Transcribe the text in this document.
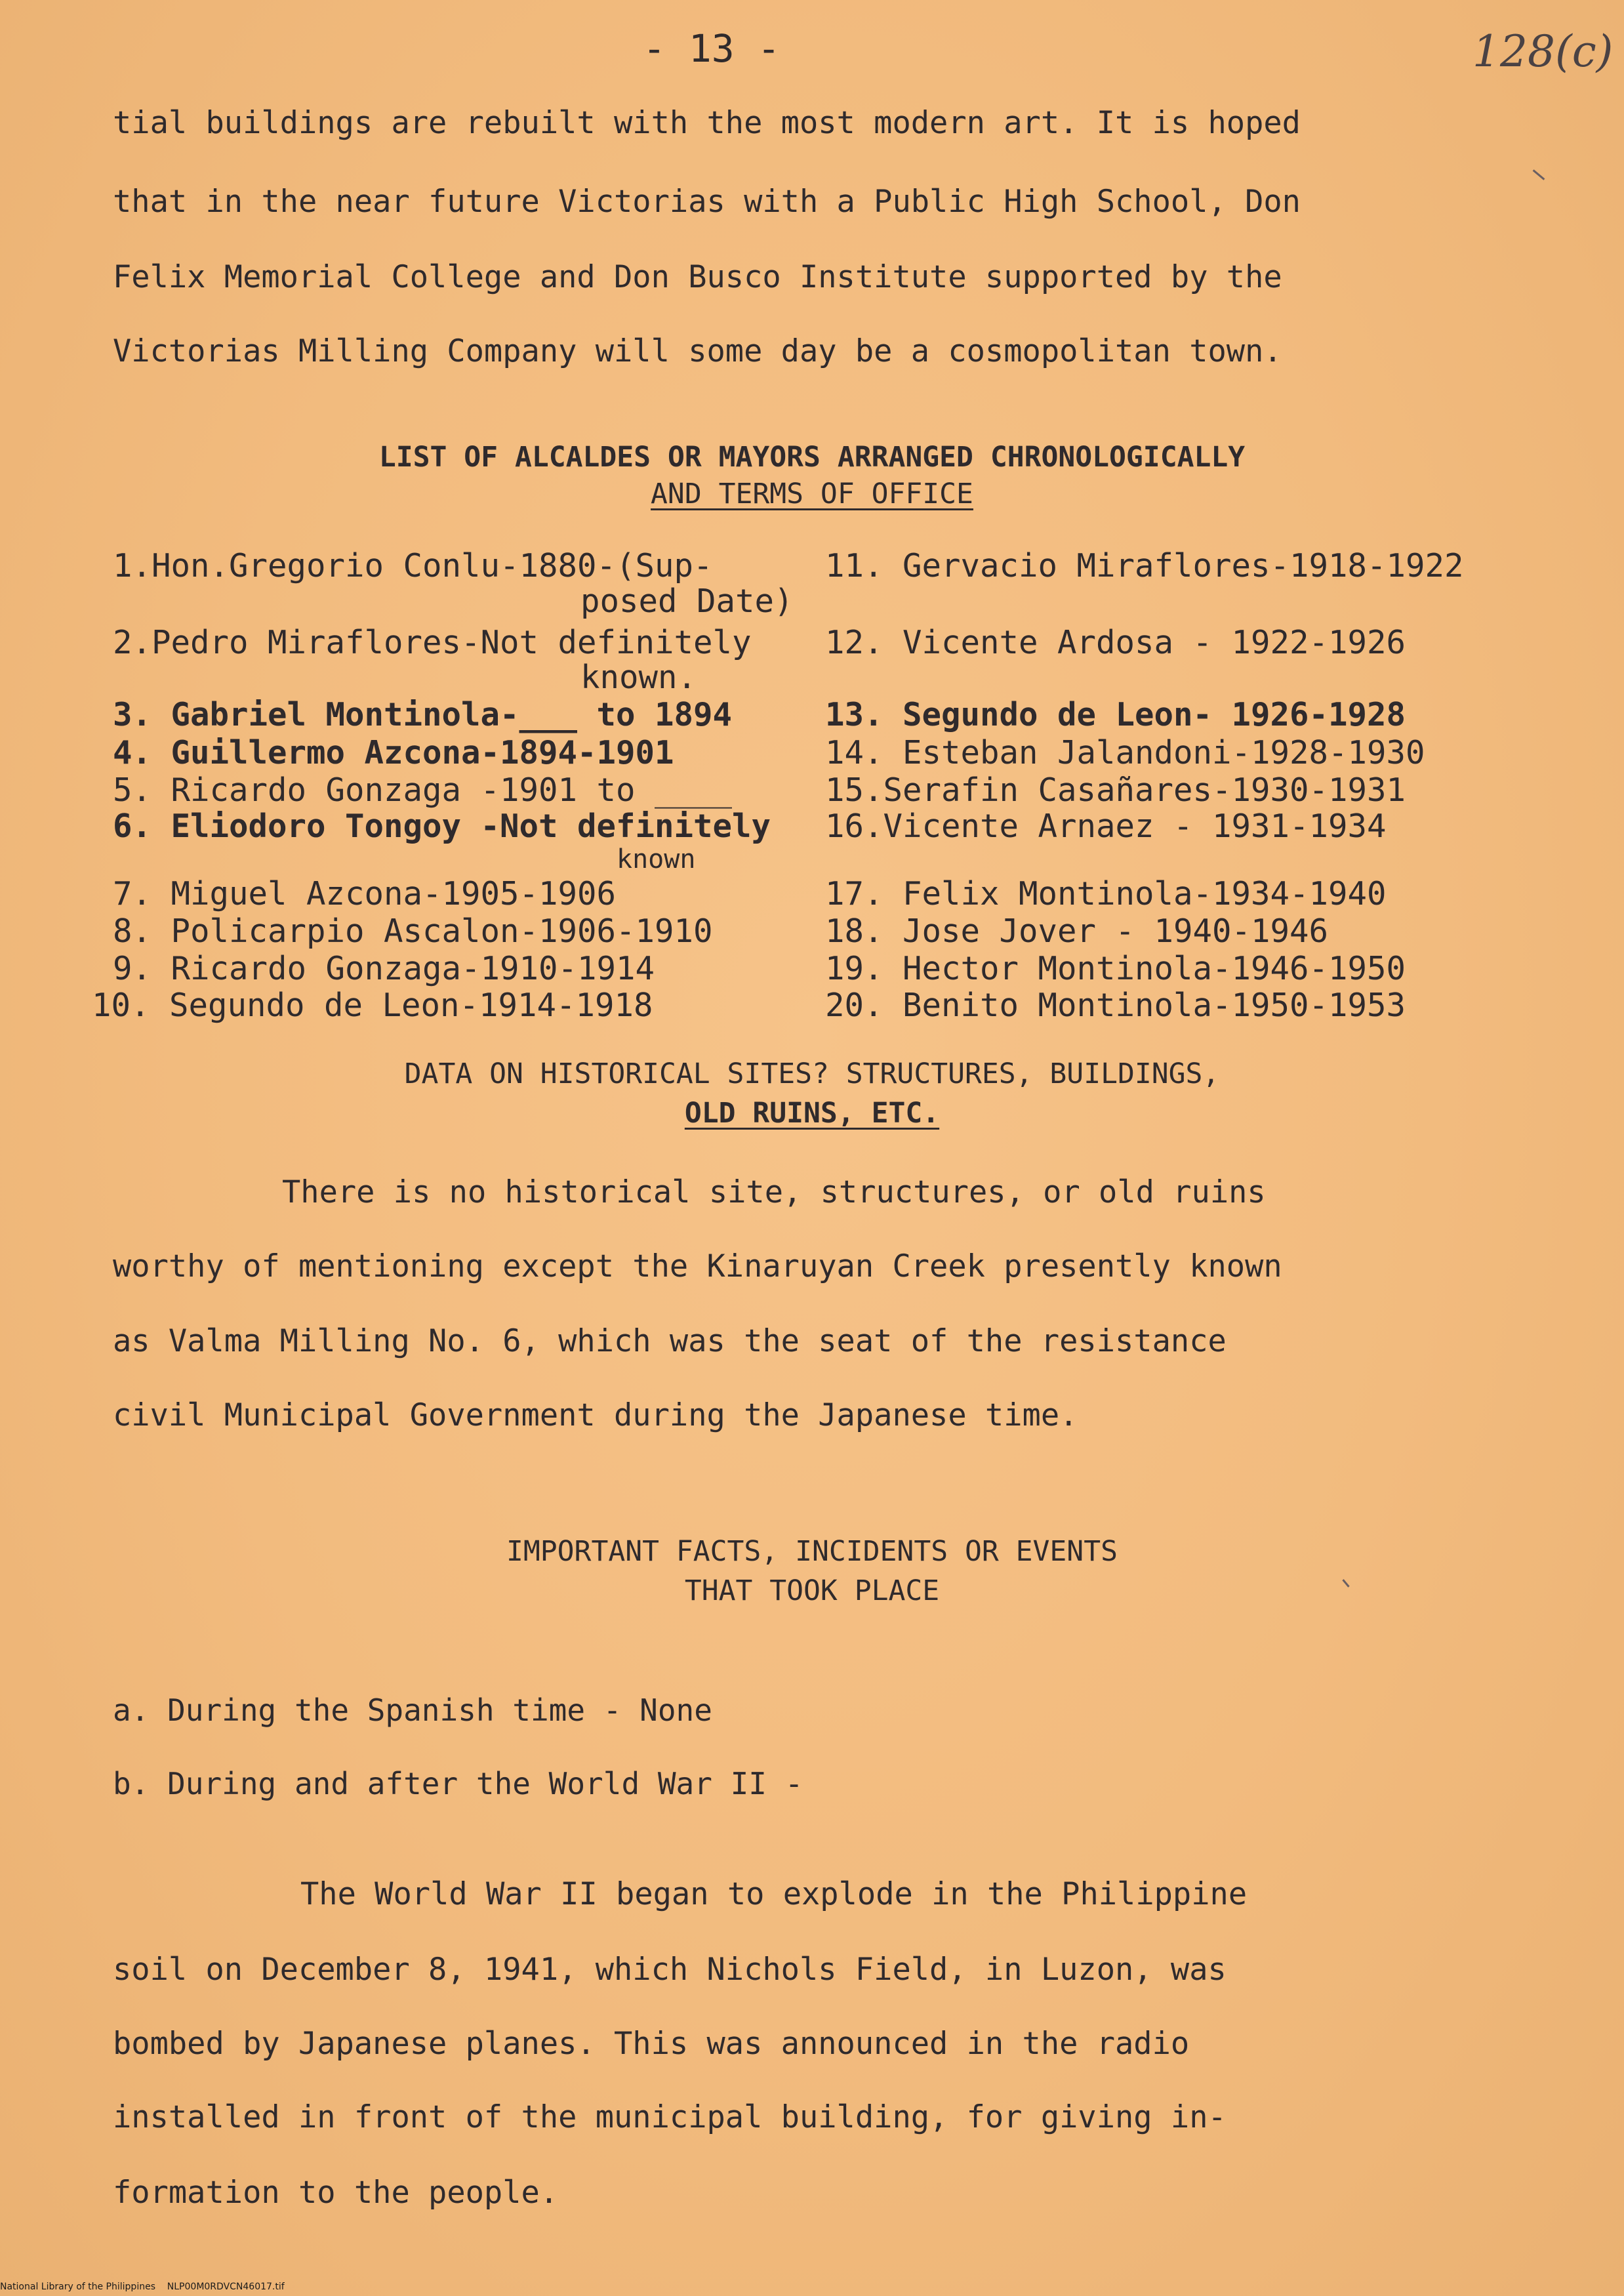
- 13 -	128(c)
tial buildings are rebuilt with the most modern art. It is hoped
that in the near future Victorias with a Public High School, Don
Felix Memorial College and Don Busco Institute supported by the
Victorias Milling Company will some day be a cosmopolitan town.
LIST OF ALCALDES OR MAYORS ARRANGED CHRONOLOGICALLY
AND TERMS OF OFFICE
1.Hon.Gregorio Conlu-1880-(Sup-
posed Date)
2.Pedro Miraflores-Not definitely
known.
3. Gabriel Montinola-___ to 1894
4. Guillermo Azcona-1894-1901
5. Ricardo Gonzaga -1901 to ____
6. Eliodoro Tongoy -Not definitely
known
7. Miguel Azcona-1905-1906
8. Policarpio Ascalon-1906-1910
9. Ricardo Gonzaga-1910-1914
10. Segundo de Leon-1914-1918
11. Gervacio Miraflores-1918-1922
12. Vicente Ardosa - 1922-1926
13. Segundo de Leon- 1926-1928
14. Esteban Jalandoni-1928-1930
15.Serafin Casañares-1930-1931
16.Vicente Arnaez - 1931-1934
17. Felix Montinola-1934-1940
18. Jose Jover - 1940-1946
19. Hector Montinola-1946-1950
20. Benito Montinola-1950-1953
DATA ON HISTORICAL SITES? STRUCTURES, BUILDINGS,
OLD RUINS, ETC.
There is no historical site, structures, or old ruins
worthy of mentioning except the Kinaruyan Creek presently known
as Valma Milling No. 6, which was the seat of the resistance
civil Municipal Government during the Japanese time.
IMPORTANT FACTS, INCIDENTS OR EVENTS
THAT TOOK PLACE
a. During the Spanish time - None
b. During and after the World War II -
The World War II began to explode in the Philippine
soil on December 8, 1941, which Nichols Field, in Luzon, was
bombed by Japanese planes. This was announced in the radio
installed in front of the municipal building, for giving in-
formation to the people.
National Library of the Philippines    NLP00M0RDVCN46017.tif
